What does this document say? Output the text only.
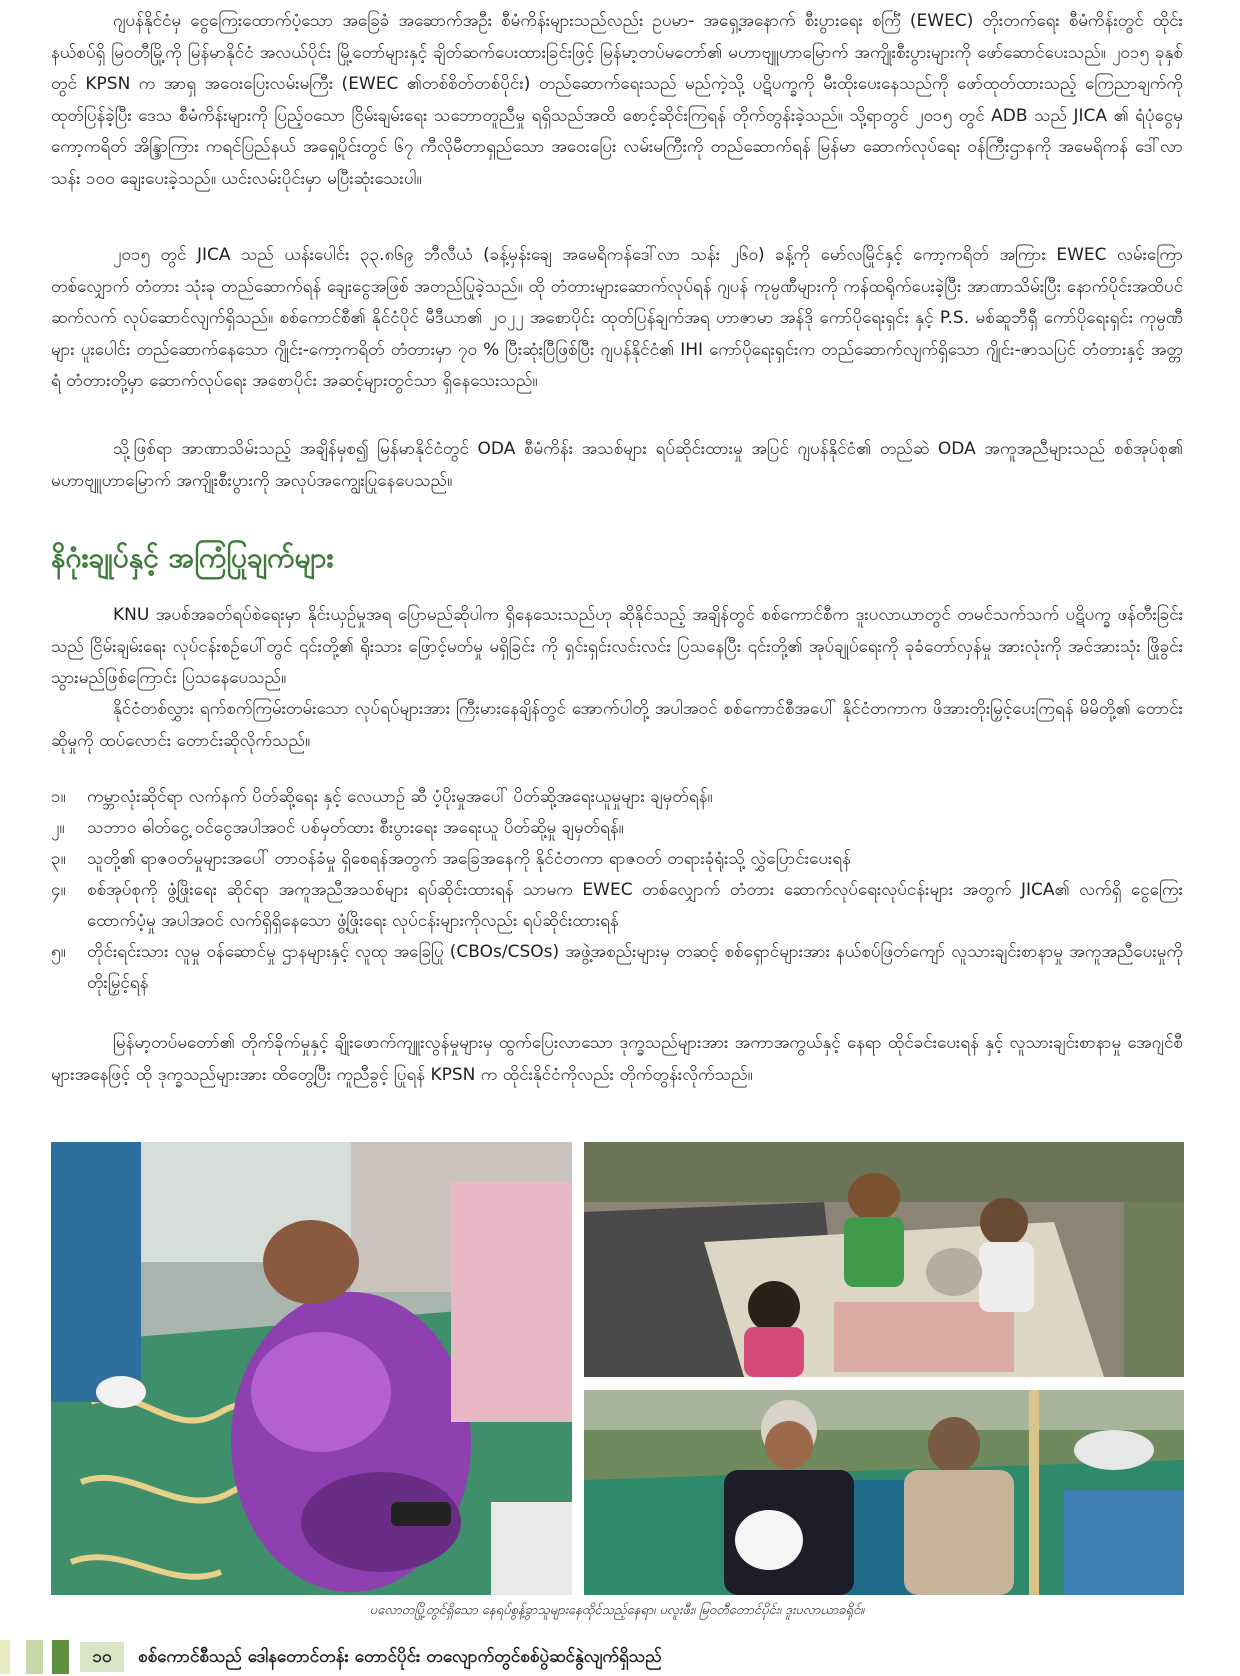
ဂျပန်နိုင်ငံမှ ငွေကြေးထောက်ပံ့သော အခြေခံ အဆောက်အဦး စီမံကိန်းများသည်လည်း ဥပမာ- အရှေ့အနောက် စီးပွားရေး စင်္ကြံ (EWEC) တိုးတက်ရေး စီမံကိန်းတွင် ထိုင်းနယ်စပ်ရှိ မြဝတီမြို့ကို မြန်မာနိုင်ငံ အလယ်ပိုင်း မြို့တော်များနှင့် ချိတ်ဆက်ပေးထားခြင်းဖြင့် မြန်မာ့တပ်မတော်၏ မဟာဗျူဟာမြောက် အကျိုးစီးပွားများကို ဖော်ဆောင်ပေးသည်။ ၂၀၁၅ ခုနှစ်တွင် KPSN က အာရှ အဝေးပြေးလမ်းမကြီး (EWEC ၏တစ်စိတ်တစ်ပိုင်း) တည်ဆောက်ရေးသည် မည်ကဲ့သို့ ပဋိပက္ခကို မီးထိုးပေးနေသည်ကို ဖော်ထုတ်ထားသည့် ကြေညာချက်ကို ထုတ်ပြန်ခဲ့ပြီး ဒေသ စီမံကိန်းများကို ပြည့်ဝသော ငြိမ်းချမ်းရေး သဘောတူညီမှု ရရှိသည်အထိ စောင့်ဆိုင်းကြရန် တိုက်တွန်းခဲ့သည်။ သို့ရာတွင် ၂၀၁၅ တွင် ADB သည် JICA ၏ ရံပုံငွေမှ ကော့ကရိတ် အိန္ဒြာကြား ကရင်ပြည်နယ် အရှေ့ပိုင်းတွင် ၆၇ ကီလိုမီတာရှည်သော အဝေးပြေး လမ်းမကြီးကို တည်ဆောက်ရန် မြန်မာ ဆောက်လုပ်ရေး ဝန်ကြီးဌာနကို အမေရိကန် ဒေါ်လာ သန်း ၁၀၀ ချေးပေးခဲ့သည်။ ယင်းလမ်းပိုင်းမှာ မပြီးဆုံးသေးပါ။

၂၀၁၅ တွင် JICA သည် ယန်းပေါင်း ၃၃.၈၆၉ ဘီလီယံ (ခန့်မှန်းချေ အမေရိကန်ဒေါ်လာ သန်း ၂၆၀) ခန့်ကို မော်လမြိုင်နှင့် ကော့ကရိတ် အကြား EWEC လမ်းကြော တစ်လျှောက် တံတား သုံးခု တည်ဆောက်ရန် ချေးငွေအဖြစ် အတည်ပြုခဲ့သည်။ ထို တံတားများဆောက်လုပ်ရန် ဂျပန် ကုမ္ပဏီများကို ကန်ထရိုက်ပေးခဲ့ပြီး အာဏာသိမ်းပြီး နောက်ပိုင်းအထိပင် ဆက်လက် လုပ်ဆောင်လျက်ရှိသည်။ စစ်ကောင်စီ၏ နိုင်ငံပိုင် မီဒီယာ၏ ၂၀၂၂ အစောပိုင်း ထုတ်ပြန်ချက်အရ ဟာဇာမာ အန်ဒို ကော်ပိုရေးရှင်း နှင့် P.S. မစ်ဆူဘီရှီ ကော်ပိုရေးရှင်း ကုမ္ပဏီများ ပူးပေါင်း တည်ဆောက်နေသော ဂျိုင်း-ကော့ကရိတ် တံတားမှာ ၇၀ % ပြီးဆုံးပြီဖြစ်ပြီး ဂျပန်နိုင်ငံ၏ IHI ကော်ပိုရေးရှင်းက တည်ဆောက်လျက်ရှိသော ဂျိုင်း-ဇာသပြင် တံတားနှင့် အတ္တရံ တံတားတို့မှာ ဆောက်လုပ်ရေး အစောပိုင်း အဆင့်များတွင်သာ ရှိနေသေးသည်။

သို့ဖြစ်ရာ အာဏာသိမ်းသည့် အချိန်မှစ၍ မြန်မာနိုင်ငံတွင် ODA စီမံကိန်း အသစ်များ ရပ်ဆိုင်းထားမှု အပြင် ဂျပန်နိုင်ငံ၏ တည်ဆဲ ODA အကူအညီများသည် စစ်အုပ်စု၏ မဟာဗျူဟာမြောက် အကျိုးစီးပွားကို အလုပ်အကျွေးပြုနေပေသည်။

နိဂုံးချုပ်နှင့် အကြံပြုချက်များ

KNU အပစ်အခတ်ရပ်စဲရေးမှာ နိုင်းယှဉ်မှုအရ ပြောမည်ဆိုပါက ရှိနေသေးသည်ဟု ဆိုနိုင်သည့် အချိန်တွင် စစ်ကောင်စီက ဒူးပလာယာတွင် တမင်သက်သက် ပဋိပက္ခ ဖန်တီးခြင်းသည် ငြိမ်းချမ်းရေး လုပ်ငန်းစဉ်ပေါ်တွင် ၎င်းတို့၏ ရိုးသား ဖြောင့်မတ်မှု မရှိခြင်း ကို ရှင်းရှင်းလင်းလင်း ပြသနေပြီး ၎င်းတို့၏ အုပ်ချုပ်ရေးကို ခုခံတော်လှန်မှု အားလုံးကို အင်အားသုံး ဖြိုခွင်းသွားမည်ဖြစ်ကြောင်း ပြသနေပေသည်။

နိုင်ငံတစ်လွှား ရက်စက်ကြမ်းတမ်းသော လုပ်ရပ်များအား ကြီးမားနေချိန်တွင် အောက်ပါတို့ အပါအဝင် စစ်ကောင်စီအပေါ် နိုင်ငံတကာက ဖိအားတိုးမြှင့်ပေးကြရန် မိမိတို့၏ တောင်းဆိုမှုကို ထပ်လောင်း တောင်းဆိုလိုက်သည်။

၁။	ကမ္ဘာလုံးဆိုင်ရာ လက်နက် ပိတ်ဆို့ရေး နှင့် လေယာဉ် ဆီ ပံ့ပိုးမှုအပေါ် ပိတ်ဆို့အရေးယူမှုများ ချမှတ်ရန်။
၂။	သဘာဝ ဓါတ်ငွေ့ ဝင်ငွေအပါအဝင် ပစ်မှတ်ထား စီးပွားရေး အရေးယူ ပိတ်ဆို့မှု ချမှတ်ရန်။
၃။	သူတို့၏ ရာဇဝတ်မှုများအပေါ် တာဝန်ခံမှု ရှိစေရန်အတွက် အခြေအနေကို နိုင်ငံတကာ ရာဇဝတ် တရားခုံရုံးသို့ လွှဲပြောင်းပေးရန်
၄။	စစ်အုပ်စုကို ဖွံ့ဖြိုးရေး ဆိုင်ရာ အကူအညီအသစ်များ ရပ်ဆိုင်းထားရန် သာမက EWEC တစ်လျှောက် တံတား ဆောက်လုပ်ရေးလုပ်ငန်းများ အတွက် JICA၏ လက်ရှိ ငွေကြေးထောက်ပံ့မှု အပါအဝင် လက်ရှိရှိနေသော ဖွံ့ဖြိုးရေး လုပ်ငန်းများကိုလည်း ရပ်ဆိုင်းထားရန်
၅။	တိုင်းရင်းသား လူမှု ဝန်ဆောင်မှု ဌာနများနှင့် လူထု အခြေပြု (CBOs/CSOs) အဖွဲ့အစည်းများမှ တဆင့် စစ်ရှောင်များအား နယ်စပ်ဖြတ်ကျော် လူသားချင်းစာနာမှု အကူအညီပေးမှုကို တိုးမြှင့်ရန်

မြန်မာ့တပ်မတော်၏ တိုက်ခိုက်မှုနှင့် ချိုးဖောက်ကျူးလွန်မှုများမှ ထွက်ပြေးလာသော ဒုက္ခသည်များအား အကာအကွယ်နှင့် နေရာ ထိုင်ခင်းပေးရန် နှင့် လူသားချင်းစာနာမှု အေဂျင်စီများအနေဖြင့် ထို ဒုက္ခသည်များအား ထိတွေ့ပြီး ကူညီခွင့် ပြုရန် KPSN က ထိုင်းနိုင်ငံကိုလည်း တိုက်တွန်းလိုက်သည်။

ပလောတပြို့တွင်ရှိသော နေရပ်စွန့်ခွာသူများနေထိုင်သည့်နေရာ၊ ပလူးဖီး၊ မြဝတီတောင်ပိုင်း၊ ဒူးပလာယာခရိုင်။
၁၀	စစ်ကောင်စီသည် ဒေါနတောင်တန်း တောင်ပိုင်း တလျောက်တွင်စစ်ပွဲဆင်နွဲလျက်ရှိသည်
